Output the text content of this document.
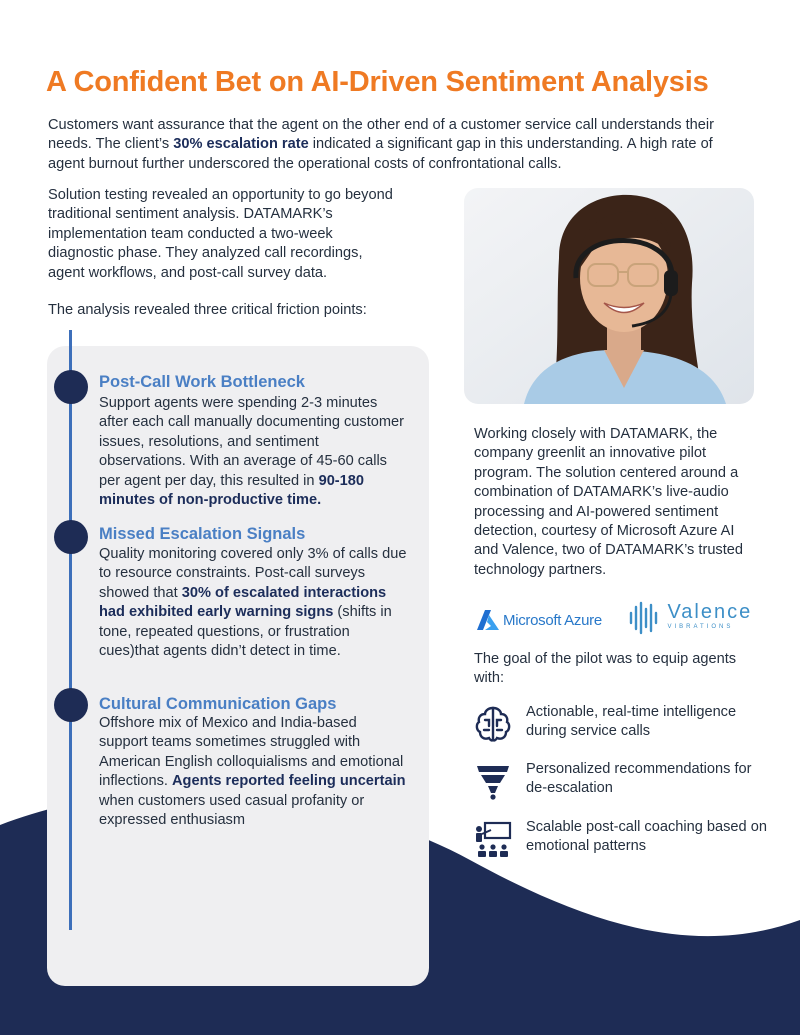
A Confident Bet on AI-Driven Sentiment Analysis

Customers want assurance that the agent on the other end of a customer service call understands their needs. The client’s 30% escalation rate indicated a significant gap in this understanding. A high rate of agent burnout further underscored the operational costs of confrontational calls.

Solution testing revealed an opportunity to go beyond traditional sentiment analysis. DATAMARK’s implementation team conducted a two-week diagnostic phase. They analyzed call recordings, agent workflows, and post-call survey data.

The analysis revealed three critical friction points:

Post-Call Work Bottleneck

Support agents were spending 2-3 minutes after each call manually documenting customer issues, resolutions, and sentiment observations. With an average of 45-60 calls per agent per day, this resulted in 90-180 minutes of non-productive time.

Missed Escalation Signals

Quality monitoring covered only 3% of calls due to resource constraints. Post-call surveys showed that 30% of escalated interactions had exhibited early warning signs (shifts in tone, repeated questions, or frustration cues)that agents didn’t detect in time.

Cultural Communication Gaps

Offshore mix of Mexico and India-based support teams sometimes struggled with American English colloquialisms and emotional inflections. Agents reported feeling uncertain when customers used casual profanity or expressed enthusiasm

Working closely with DATAMARK, the company greenlit an innovative pilot program. The solution centered around a combination of DATAMARK’s live-audio processing and AI-powered sentiment detection, courtesy of Microsoft Azure AI and Valence, two of DATAMARK’s trusted technology partners.

Microsoft Azure
	Valence
VIBRATIONS

The goal of the pilot was to equip agents with:

Actionable, real-time intelligence during service calls

Personalized recommendations for de-escalation

Scalable post-call coaching based on emotional patterns
